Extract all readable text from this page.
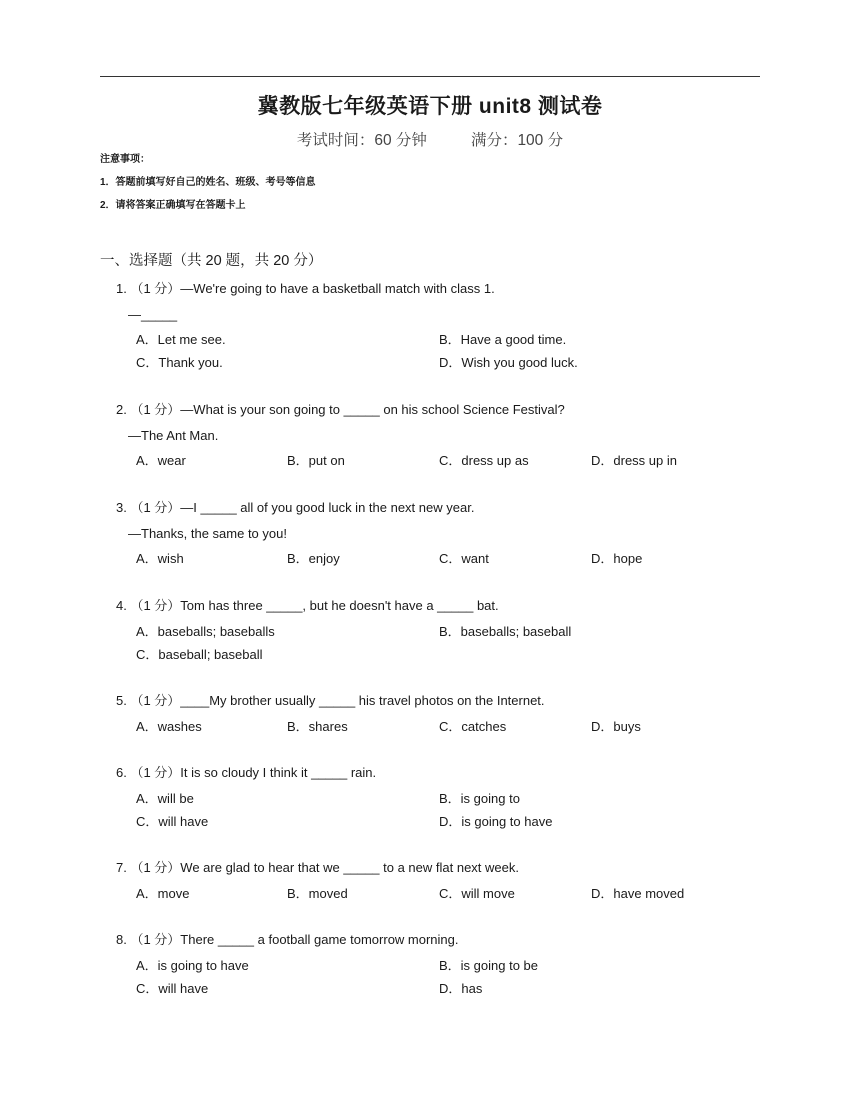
冀教版七年级英语下册 unit8 测试卷
考试时间：60 分钟	满分：100 分
注意事项：
1．答题前填写好自己的姓名、班级、考号等信息
2．请将答案正确填写在答题卡上
一、选择题（共 20 题，共 20 分）
1. （1 分）—We're going to have a basketball match with class 1.
—_____
A．Let me see.	B．Have a good time.
C．Thank you.	D．Wish you good luck.
2. （1 分）—What is your son going to _____ on his school Science Festival?
—The Ant Man.
A．wear	B．put on	C．dress up as	D．dress up in
3. （1 分）—I _____ all of you good luck in the next new year.
—Thanks, the same to you!
A．wish	B．enjoy	C．want	D．hope
4. （1 分）Tom has three _____, but he doesn't have a _____ bat.
A．baseballs; baseballs	B．baseballs; baseball
C．baseball; baseball
5. （1 分）____My brother usually _____ his travel photos on the Internet.
A．washes	B．shares	C．catches	D．buys
6. （1 分）It is so cloudy I think it _____ rain.
A．will be	B．is going to
C．will have	D．is going to have
7. （1 分）We are glad to hear that we _____ to a new flat next week.
A．move	B．moved	C．will move	D．have moved
8. （1 分）There _____ a football game tomorrow morning.
A．is going to have	B．is going to be
C．will have	D．has
